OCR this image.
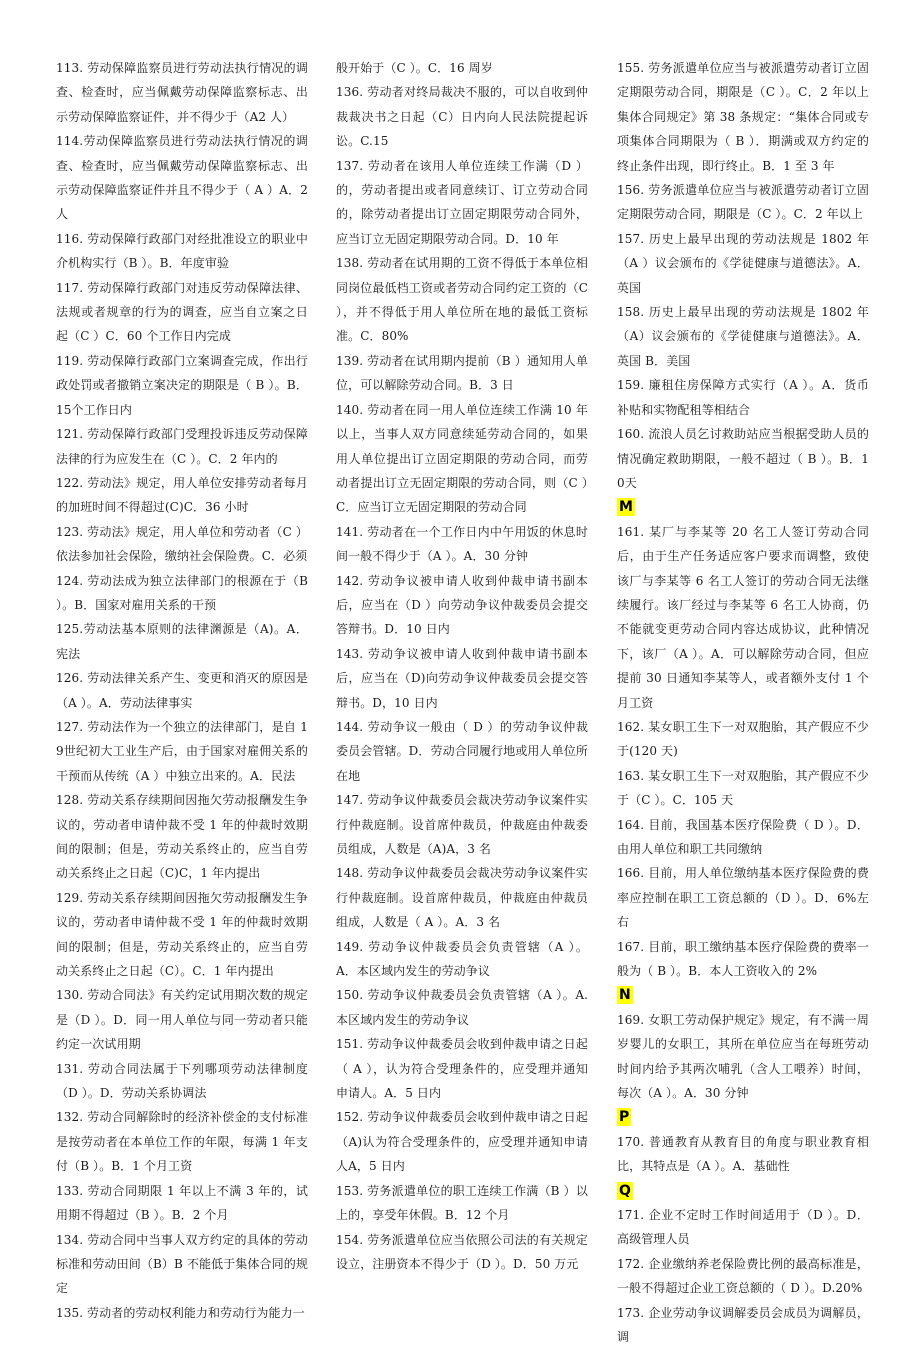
113. 劳动保障监察员进行劳动法执行情况的调查、检查时，应当佩戴劳动保障监察标志、出示劳动保障监察证件，并不得少于（A2 人）

114.劳动保障监察员进行劳动法执行情况的调查、检查时，应当佩戴劳动保障监察标志、出示劳动保障监察证件并且不得少于（ A ）A．2 人

116. 劳动保障行政部门对经批准设立的职业中介机构实行（B ）。B．年度审验

117. 劳动保障行政部门对违反劳动保障法律、法规或者规章的行为的调查，应当自立案之日起（C ）C．60 个工作日内完成

119. 劳动保障行政部门立案调查完成，作出行政处罚或者撤销立案决定的期限是（ B ）。B．15个工作日内

121. 劳动保障行政部门受理投诉违反劳动保障法律的行为应发生在（C ）。C．2 年内的

122. 劳动法》规定，用人单位安排劳动者每月的加班时间不得超过(C)C．36 小时

123. 劳动法》规定，用人单位和劳动者（C ）依法参加社会保险，缴纳社会保险费。C．必须

124. 劳动法成为独立法律部门的根源在于（B ）。B．国家对雇用关系的干预

125.劳动法基本原则的法律渊源是（A)。A．宪法

126. 劳动法律关系产生、变更和消灭的原因是（A ）。A．劳动法律事实

127. 劳动法作为一个独立的法律部门，是自 19世纪初大工业生产后，由于国家对雇佣关系的干预而从传统（A ）中独立出来的。A．民法

128. 劳动关系存续期间因拖欠劳动报酬发生争议的，劳动者申请仲裁不受 1 年的仲裁时效期间的限制；但是，劳动关系终止的，应当自劳动关系终止之日起（C)C，1 年内提出

129. 劳动关系存续期间因拖欠劳动报酬发生争议的，劳动者申请仲裁不受 1 年的仲裁时效期间的限制；但是，劳动关系终止的，应当自劳动关系终止之日起（C）。C．1 年内提出

130. 劳动合同法》有关约定试用期次数的规定是（D ）。D．同一用人单位与同一劳动者只能约定一次试用期

131. 劳动合同法属于下列哪项劳动法律制度（D ）。D．劳动关系协调法

132. 劳动合同解除时的经济补偿金的支付标准是按劳动者在本单位工作的年限，每满 1 年支付（B ）。B．1 个月工资

133. 劳动合同期限 1 年以上不满 3 年的，试用期不得超过（B ）。B．2 个月

134. 劳动合同中当事人双方约定的具体的劳动标准和劳动田间（B）B 不能低于集体合同的规定

135. 劳动者的劳动权利能力和劳动行为能力一

般开始于（C ）。C．16 周岁

136. 劳动者对终局裁决不服的，可以自收到仲裁裁决书之日起（C）日内向人民法院提起诉讼。C.15

137. 劳动者在该用人单位连续工作满（D ）的，劳动者提出或者同意续订、订立劳动合同的，除劳动者提出订立固定期限劳动合同外，应当订立无固定期限劳动合同。D．10 年

138. 劳动者在试用期的工资不得低于本单位相同岗位最低档工资或者劳动合同约定工资的（C ），并不得低于用人单位所在地的最低工资标准。C．80%

139. 劳动者在试用期内提前（B ）通知用人单位，可以解除劳动合同。B．3 日

140. 劳动者在同一用人单位连续工作满 10 年以上，当事人双方同意续延劳动合同的，如果用人单位提出订立固定期限的劳动合同，而劳动者提出订立无固定期限的劳动合同，则（C ）C．应当订立无固定期限的劳动合同

141. 劳动者在一个工作日内中午用饭的休息时间一般不得少于（A ）。A．30 分钟

142. 劳动争议被申请人收到仲裁申请书副本后，应当在（D ）向劳动争议仲裁委员会提交答辩书。D．10 日内

143. 劳动争议被申请人收到仲裁申请书副本后，应当在（D)向劳动争议仲裁委员会提交答辩书。D，10 日内

144. 劳动争议一般由（ D ）的劳动争议仲裁委员会管辖。D．劳动合同履行地或用人单位所在地

147. 劳动争议仲裁委员会裁决劳动争议案件实行仲裁庭制。设首席仲裁员，仲裁庭由仲裁委员组成，人数是（A)A，3 名

148. 劳动争议仲裁委员会裁决劳动争议案件实行仲裁庭制。设首席仲裁员，仲裁庭由仲裁员组成，人数是（ A ）。A．3 名

149. 劳动争议仲裁委员会负责管辖（A ）。A．本区域内发生的劳动争议

150. 劳动争议仲裁委员会负责管辖（A ）。A.本区域内发生的劳动争议

151. 劳动争议仲裁委员会收到仲裁申请之日起（ A ），认为符合受理条件的，应受理并通知申请人。A．5 日内

152. 劳动争议仲裁委员会收到仲裁申请之日起（A)认为符合受理条件的，应受理并通知申请人A，5 日内

153. 劳务派遣单位的职工连续工作满（B ）以上的，享受年休假。B．12 个月

154. 劳务派遣单位应当依照公司法的有关规定设立，注册资本不得少于（D ）。D．50 万元

155. 劳务派遣单位应当与被派遣劳动者订立固定期限劳动合同，期限是（C ）。C．2 年以上集体合同规定》第 38 条规定：“集体合同或专项集体合同期限为（ B ）．期满或双方约定的终止条件出现，即行终止。B．1 至 3 年

156. 劳务派遣单位应当与被派遣劳动者订立固定期限劳动合同，期限是（C ）。C．2 年以上

157. 历史上最早出现的劳动法规是 1802 年（A ）议会颁布的《学徒健康与道德法》。A．英国

158. 历史上最早出现的劳动法规是 1802 年（A）议会颁布的《学徒健康与道德法》。A．英国 B．美国

159. 廉租住房保障方式实行（A ）。A．货币补贴和实物配租等相结合

160. 流浪人员乞讨救助站应当根据受助人员的情况确定救助期限，一般不超过（ B ）。B．10天

M

161. 某厂与李某等 20 名工人签订劳动合同后，由于生产任务适应客户要求而调整，致使该厂与李某等 6 名工人签订的劳动合同无法继续履行。该厂经过与李某等 6 名工人协商，仍不能就变更劳动合同内容达成协议，此种情况下，该厂（A ）。A．可以解除劳动合同，但应提前 30 日通知李某等人，或者额外支付 1 个月工资

162. 某女职工生下一对双胞胎，其产假应不少于(120 天)

163. 某女职工生下一对双胞胎，其产假应不少于（C ）。C．105 天

164. 目前，我国基本医疗保险费（ D ）。D．由用人单位和职工共同缴纳

166. 目前，用人单位缴纳基本医疗保险费的费率应控制在职工工资总额的（D ）。D．6%左右

167. 目前，职工缴纳基本医疗保险费的费率一般为（ B ）。B．本人工资收入的 2%

N

169. 女职工劳动保护规定》规定，有不满一周岁婴儿的女职工，其所在单位应当在每班劳动时间内给予其两次哺乳（含人工喂养）时间，每次（A ）。A．30 分钟

P

170. 普通教育从教育目的角度与职业教育相比，其特点是（A ）。A．基础性

Q

171. 企业不定时工作时间适用于（D ）。D．高级管理人员

172. 企业缴纳养老保险费比例的最高标准是，一般不得超过企业工资总额的（ D ）。D.20%

173. 企业劳动争议调解委员会成员为调解员，调
